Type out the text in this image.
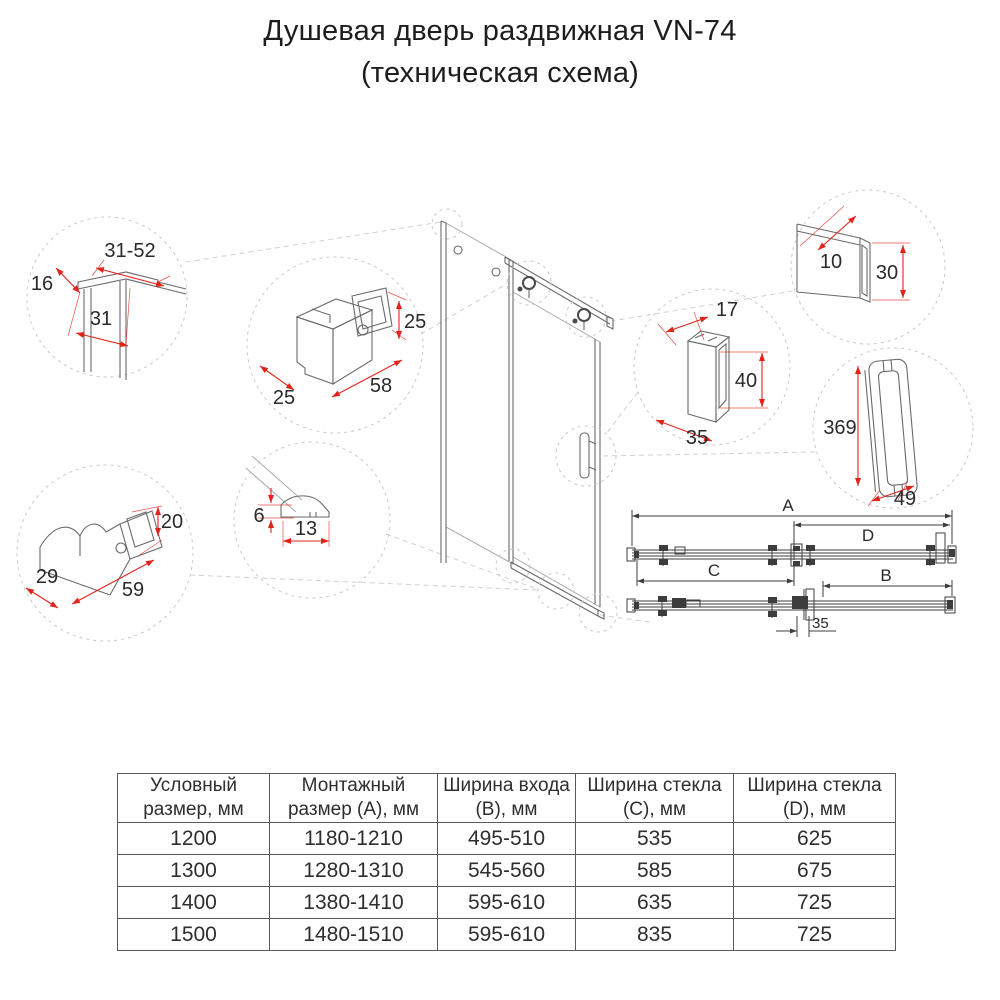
Душевая дверь раздвижная VN-74
(техническая схема)
31-52
16
31	25
58
25
20
29
59
6
13
17
40
35
10 30
369
49
A
D
C	B
35
Условный размер, мм	Монтажный размер (А), мм	Ширина входа (В), мм	Ширина стекла (С), мм	Ширина стекла (D), мм
1200	1180-1210	495-510	535	625
1300	1280-1310	545-560	585	675
1400	1380-1410	595-610	635	725
1500	1480-1510	595-610	835	725
